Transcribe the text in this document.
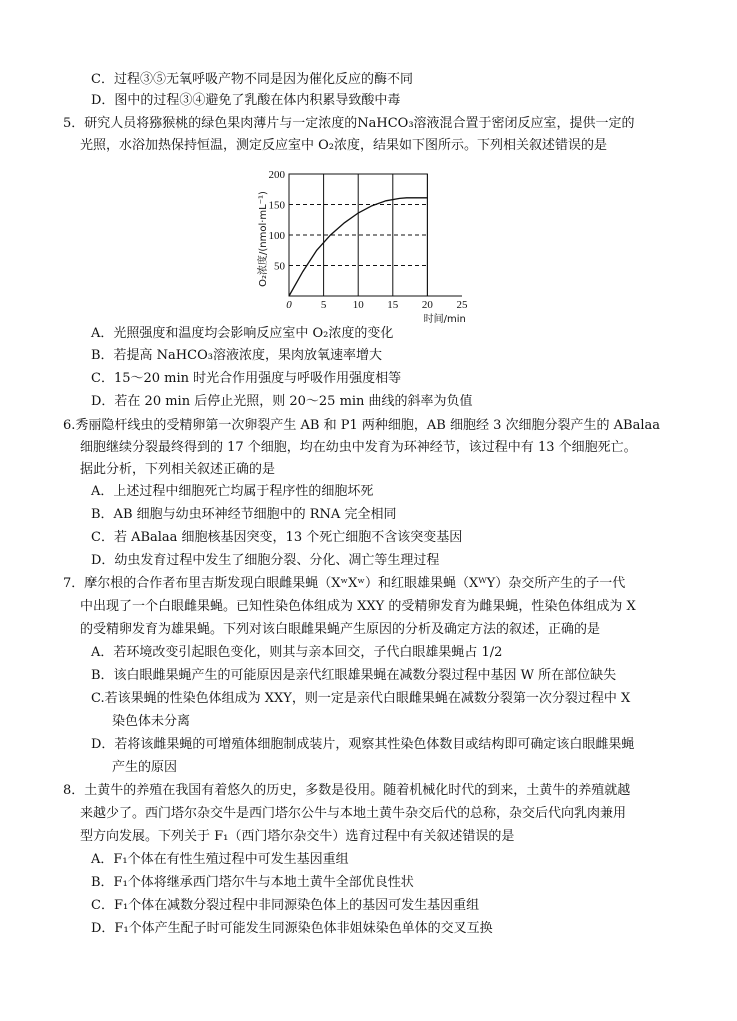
C．过程③⑤无氧呼吸产物不同是因为催化反应的酶不同
D．图中的过程③④避免了乳酸在体内积累导致酸中毒
5．研究人员将猕猴桃的绿色果肉薄片与一定浓度的NaHCO₃溶液混合置于密闭反应室，提供一定的
光照，水浴加热保持恒温，测定反应室中 O₂浓度，结果如下图所示。下列相关叙述错误的是
A．光照强度和温度均会影响反应室中 O₂浓度的变化
B．若提高 NaHCO₃溶液浓度，果肉放氧速率增大
C．15～20 min 时光合作用强度与呼吸作用强度相等
D．若在 20 min 后停止光照，则 20～25 min 曲线的斜率为负值
6.秀丽隐杆线虫的受精卵第一次卵裂产生 AB 和 P1 两种细胞，AB 细胞经 3 次细胞分裂产生的 ABalaa
细胞继续分裂最终得到的 17 个细胞，均在幼虫中发育为环神经节，该过程中有 13 个细胞死亡。
据此分析，下列相关叙述正确的是
A．上述过程中细胞死亡均属于程序性的细胞坏死
B．AB 细胞与幼虫环神经节细胞中的 RNA 完全相同
C．若 ABalaa 细胞核基因突变，13 个死亡细胞不含该突变基因
D．幼虫发育过程中发生了细胞分裂、分化、凋亡等生理过程
7．摩尔根的合作者布里吉斯发现白眼雌果蝇（XʷXʷ）和红眼雄果蝇（XᵂY）杂交所产生的子一代
中出现了一个白眼雌果蝇。已知性染色体组成为 XXY 的受精卵发育为雌果蝇，性染色体组成为 X
的受精卵发育为雄果蝇。下列对该白眼雌果蝇产生原因的分析及确定方法的叙述，正确的是
A．若环境改变引起眼色变化，则其与亲本回交，子代白眼雄果蝇占 1/2
B．该白眼雌果蝇产生的可能原因是亲代红眼雄果蝇在减数分裂过程中基因 W 所在部位缺失
C.若该果蝇的性染色体组成为 XXY，则一定是亲代白眼雌果蝇在减数分裂第一次分裂过程中 X
染色体未分离
D．若将该雌果蝇的可增殖体细胞制成装片，观察其性染色体数目或结构即可确定该白眼雌果蝇
产生的原因
8．土黄牛的养殖在我国有着悠久的历史，多数是役用。随着机械化时代的到来，土黄牛的养殖就越
来越少了。西门塔尔杂交牛是西门塔尔公牛与本地土黄牛杂交后代的总称，杂交后代向乳肉兼用
型方向发展。下列关于 F₁（西门塔尔杂交牛）选育过程中有关叙述错误的是
A．F₁个体在有性生殖过程中可发生基因重组
B．F₁个体将继承西门塔尔牛与本地土黄牛全部优良性状
C．F₁个体在减数分裂过程中非同源染色体上的基因可发生基因重组
D．F₁个体产生配子时可能发生同源染色体非姐妹染色单体的交叉互换
50
100
150
200
0	5 10 15 20 25
时间/min
O₂浓度/(nmol·mL⁻¹)
